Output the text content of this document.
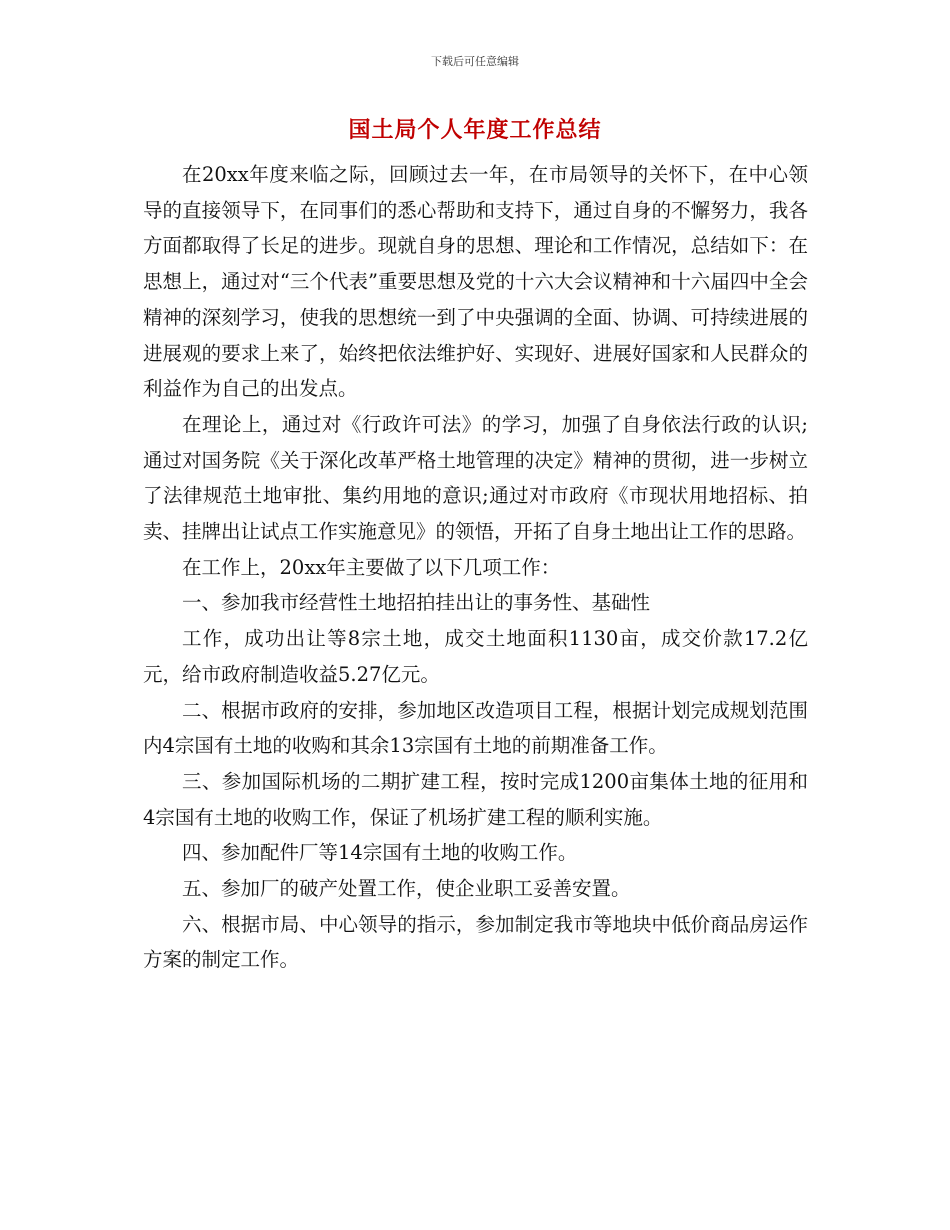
下载后可任意编辑
国土局个人年度工作总结

在20xx年度来临之际，回顾过去一年，在市局领导的关怀下，在中心领导的直接领导下，在同事们的悉心帮助和支持下，通过自身的不懈努力，我各方面都取得了长足的进步。现就自身的思想、理论和工作情况，总结如下：在思想上，通过对“三个代表”重要思想及党的十六大会议精神和十六届四中全会精神的深刻学习，使我的思想统一到了中央强调的全面、协调、可持续进展的进展观的要求上来了，始终把依法维护好、实现好、进展好国家和人民群众的利益作为自己的出发点。

在理论上，通过对《行政许可法》的学习，加强了自身依法行政的认识;通过对国务院《关于深化改革严格土地管理的决定》精神的贯彻，进一步树立了法律规范土地审批、集约用地的意识;通过对市政府《市现状用地招标、拍卖、挂牌出让试点工作实施意见》的领悟，开拓了自身土地出让工作的思路。

在工作上，20xx年主要做了以下几项工作：

一、参加我市经营性土地招拍挂出让的事务性、基础性

工作，成功出让等8宗土地，成交土地面积1130亩，成交价款17.2亿元，给市政府制造收益5.27亿元。

二、根据市政府的安排，参加地区改造项目工程，根据计划完成规划范围内4宗国有土地的收购和其余13宗国有土地的前期准备工作。

三、参加国际机场的二期扩建工程，按时完成1200亩集体土地的征用和4宗国有土地的收购工作，保证了机场扩建工程的顺利实施。

四、参加配件厂等14宗国有土地的收购工作。

五、参加厂的破产处置工作，使企业职工妥善安置。

六、根据市局、中心领导的指示，参加制定我市等地块中低价商品房运作方案的制定工作。
